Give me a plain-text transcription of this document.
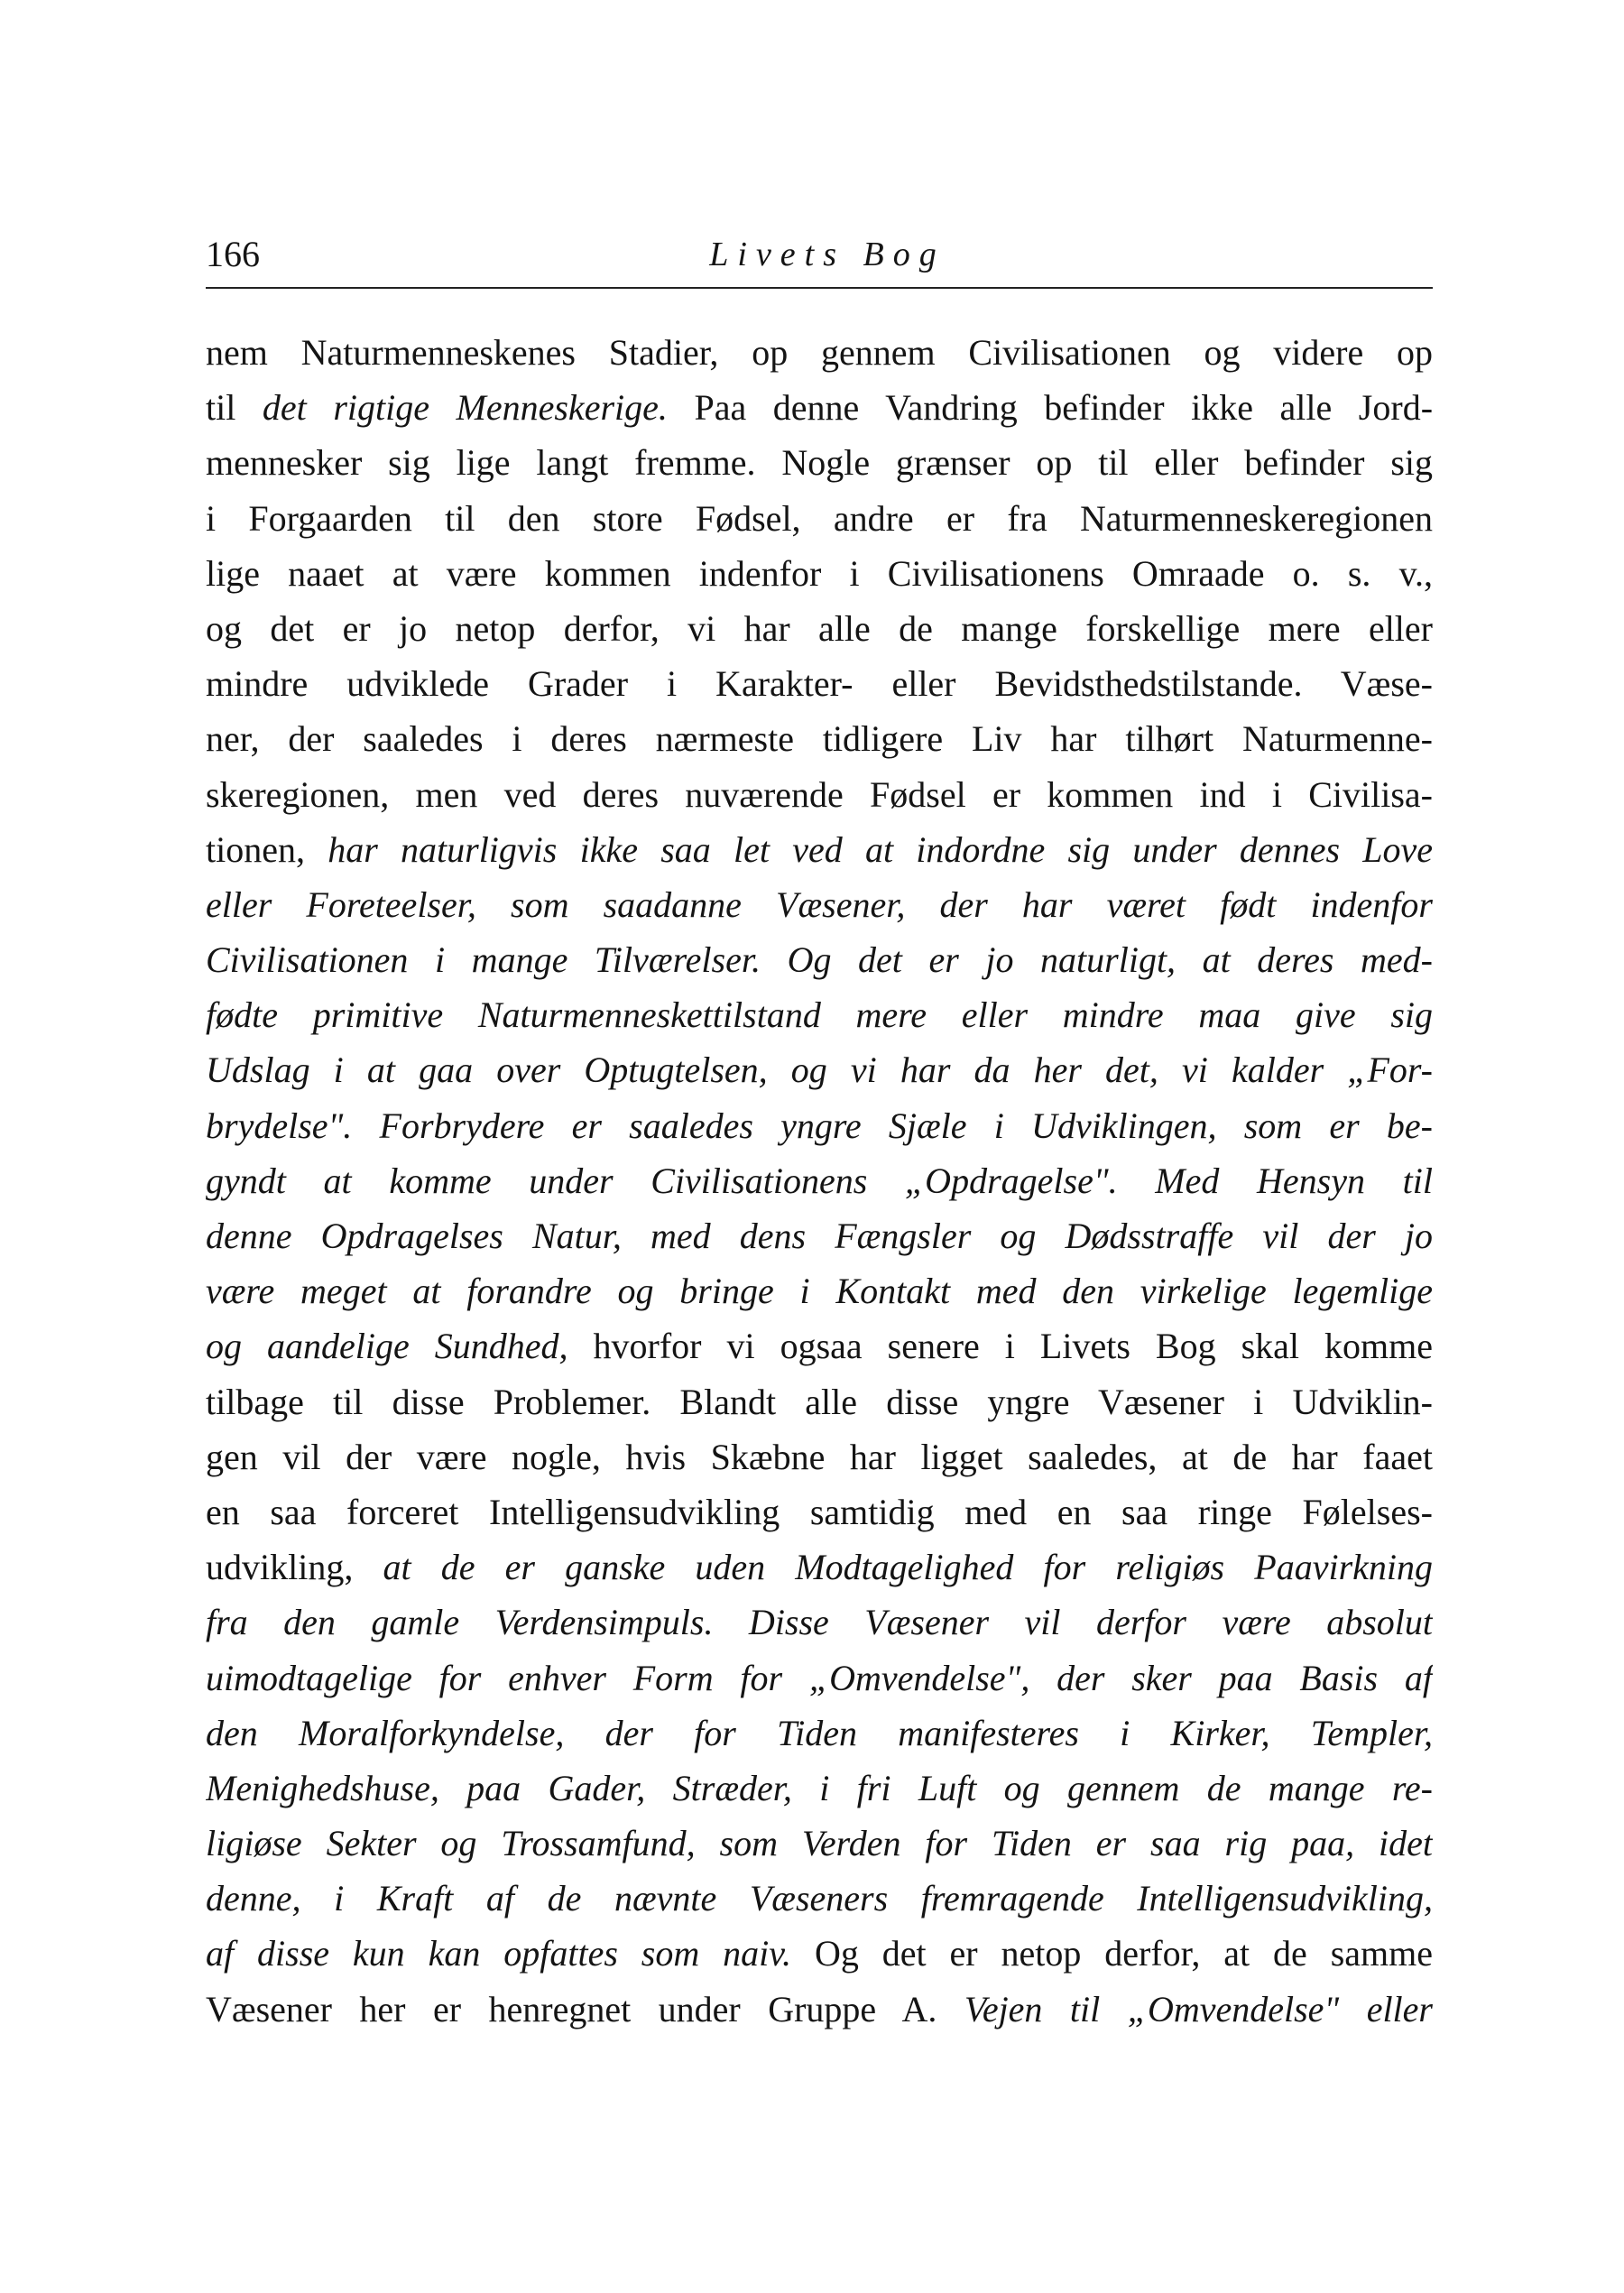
166	Livets Bog
nem Naturmenneskenes Stadier, op gennem Civilisationen og videre op
til det rigtige Menneskerige. Paa denne Vandring befinder ikke alle Jord-
mennesker sig lige langt fremme. Nogle grænser op til eller befinder sig
i Forgaarden til den store Fødsel, andre er fra Naturmenneskeregionen
lige naaet at være kommen indenfor i Civilisationens Omraade o. s. v.,
og det er jo netop derfor, vi har alle de mange forskellige mere eller
mindre udviklede Grader i Karakter- eller Bevidsthedstilstande. Væse-
ner, der saaledes i deres nærmeste tidligere Liv har tilhørt Naturmenne-
skeregionen, men ved deres nuværende Fødsel er kommen ind i Civilisa-
tionen, har naturligvis ikke saa let ved at indordne sig under dennes Love
eller Foreteelser, som saadanne Væsener, der har været født indenfor
Civilisationen i mange Tilværelser. Og det er jo naturligt, at deres med-
fødte primitive Naturmenneskettilstand mere eller mindre maa give sig
Udslag i at gaa over Optugtelsen, og vi har da her det, vi kalder „For-
brydelse". Forbrydere er saaledes yngre Sjæle i Udviklingen, som er be-
gyndt at komme under Civilisationens „Opdragelse". Med Hensyn til
denne Opdragelses Natur, med dens Fængsler og Dødsstraffe vil der jo
være meget at forandre og bringe i Kontakt med den virkelige legemlige
og aandelige Sundhed, hvorfor vi ogsaa senere i Livets Bog skal komme
tilbage til disse Problemer. Blandt alle disse yngre Væsener i Udviklin-
gen vil der være nogle, hvis Skæbne har ligget saaledes, at de har faaet
en saa forceret Intelligensudvikling samtidig med en saa ringe Følelses-
udvikling, at de er ganske uden Modtagelighed for religiøs Paavirkning
fra den gamle Verdensimpuls. Disse Væsener vil derfor være absolut
uimodtagelige for enhver Form for „Omvendelse", der sker paa Basis af
den Moralforkyndelse, der for Tiden manifesteres i Kirker, Templer,
Menighedshuse, paa Gader, Stræder, i fri Luft og gennem de mange re-
ligiøse Sekter og Trossamfund, som Verden for Tiden er saa rig paa, idet
denne, i Kraft af de nævnte Væseners fremragende Intelligensudvikling,
af disse kun kan opfattes som naiv. Og det er netop derfor, at de samme
Væsener her er henregnet under Gruppe A. Vejen til „Omvendelse" eller
